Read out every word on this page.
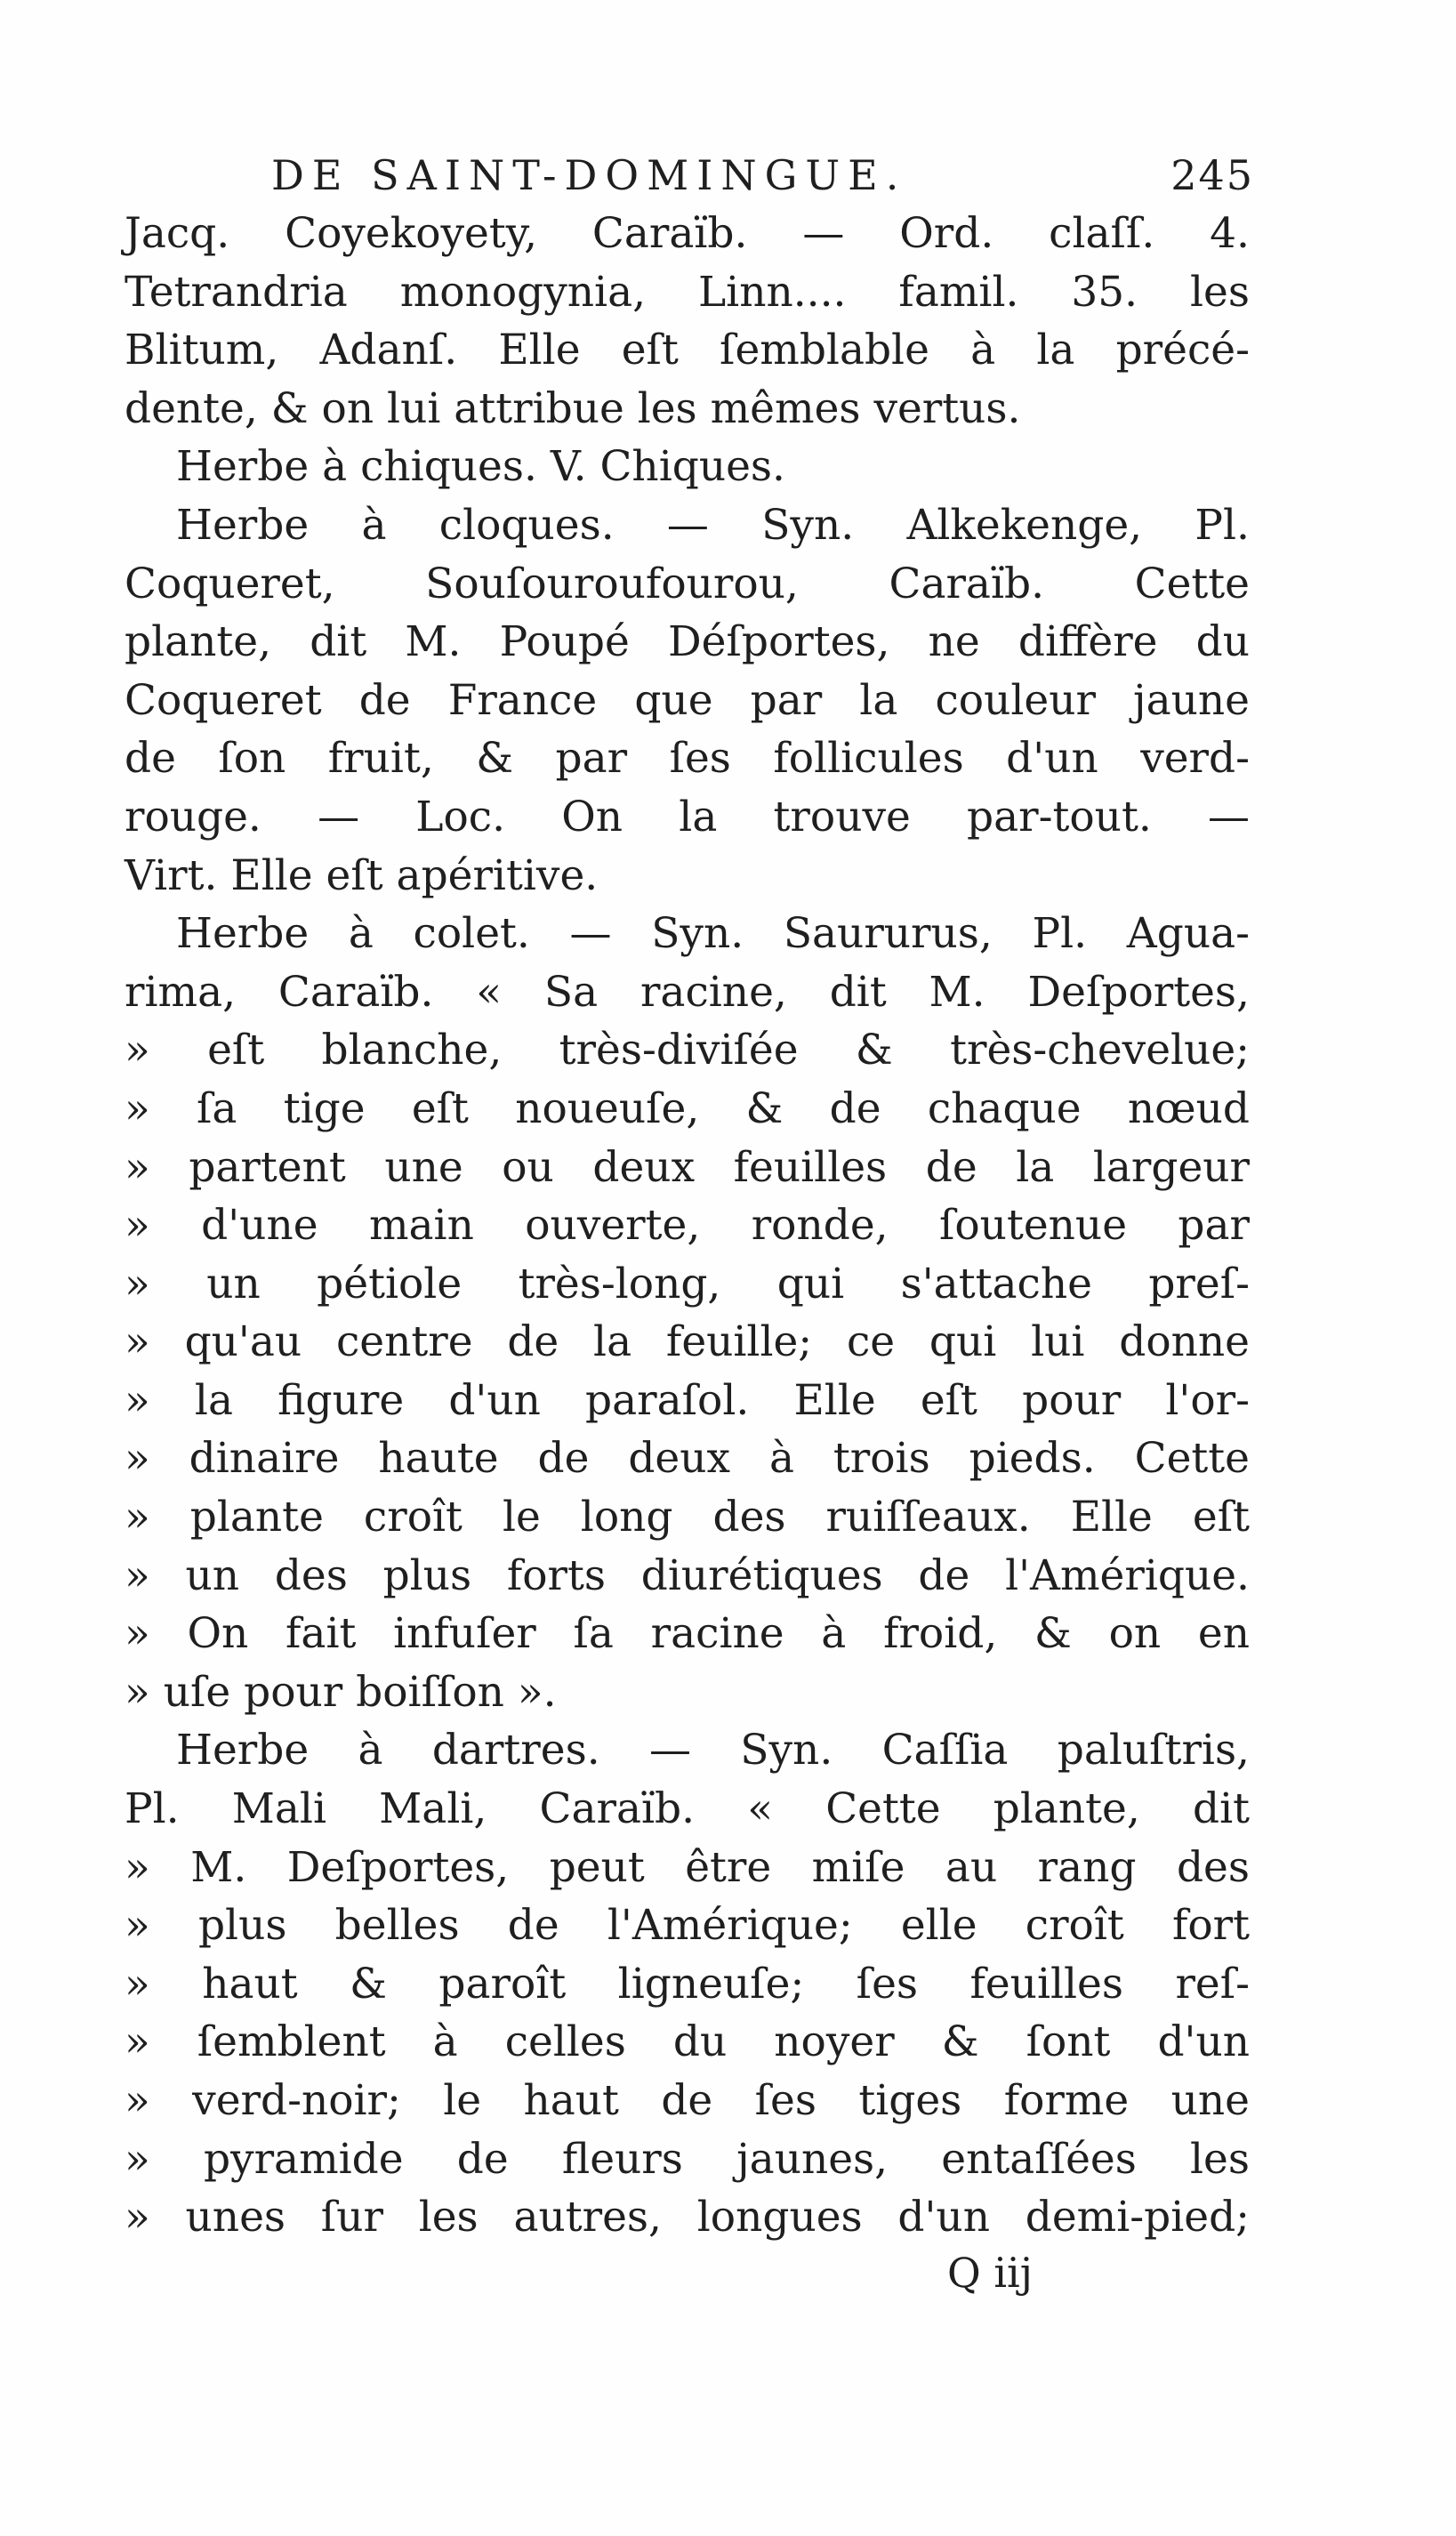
DE SAINT-DOMINGUE.	245
Jacq. Coyekoyety, Caraïb. — Ord. claſſ. 4.
Tetrandria monogynia, Linn.... famil. 35. les
Blitum, Adanſ. Elle eſt ſemblable à la précé-
dente, & on lui attribue les mêmes vertus.
Herbe à chiques. V. Chiques.
Herbe à cloques. — Syn. Alkekenge, Pl.
Coqueret, Souſouroufourou, Caraïb. Cette
plante, dit M. Poupé Déſportes, ne diffère du
Coqueret de France que par la couleur jaune
de ſon fruit, & par ſes follicules d'un verd-
rouge. — Loc. On la trouve par-tout. —
Virt. Elle eſt apéritive.
Herbe à colet. — Syn. Saururus, Pl. Agua-
rima, Caraïb. « Sa racine, dit M. Deſportes,
» eſt blanche, très-diviſée & très-chevelue;
» ſa tige eſt noueuſe, & de chaque nœud
» partent une ou deux feuilles de la largeur
» d'une main ouverte, ronde, ſoutenue par
» un pétiole très-long, qui s'attache preſ-
» qu'au centre de la feuille; ce qui lui donne
» la figure d'un paraſol. Elle eſt pour l'or-
» dinaire haute de deux à trois pieds. Cette
» plante croît le long des ruiſſeaux. Elle eſt
» un des plus forts diurétiques de l'Amérique.
» On fait infuſer ſa racine à froid, & on en
» uſe pour boiſſon ».
Herbe à dartres. — Syn. Caſſia paluſtris,
Pl. Mali Mali, Caraïb. « Cette plante, dit
» M. Deſportes, peut être miſe au rang des
» plus belles de l'Amérique; elle croît fort
» haut & paroît ligneuſe; ſes feuilles reſ-
» ſemblent à celles du noyer & ſont d'un
» verd-noir; le haut de ſes tiges forme une
» pyramide de fleurs jaunes, entaſſées les
» unes ſur les autres, longues d'un demi-pied;
Q iij
